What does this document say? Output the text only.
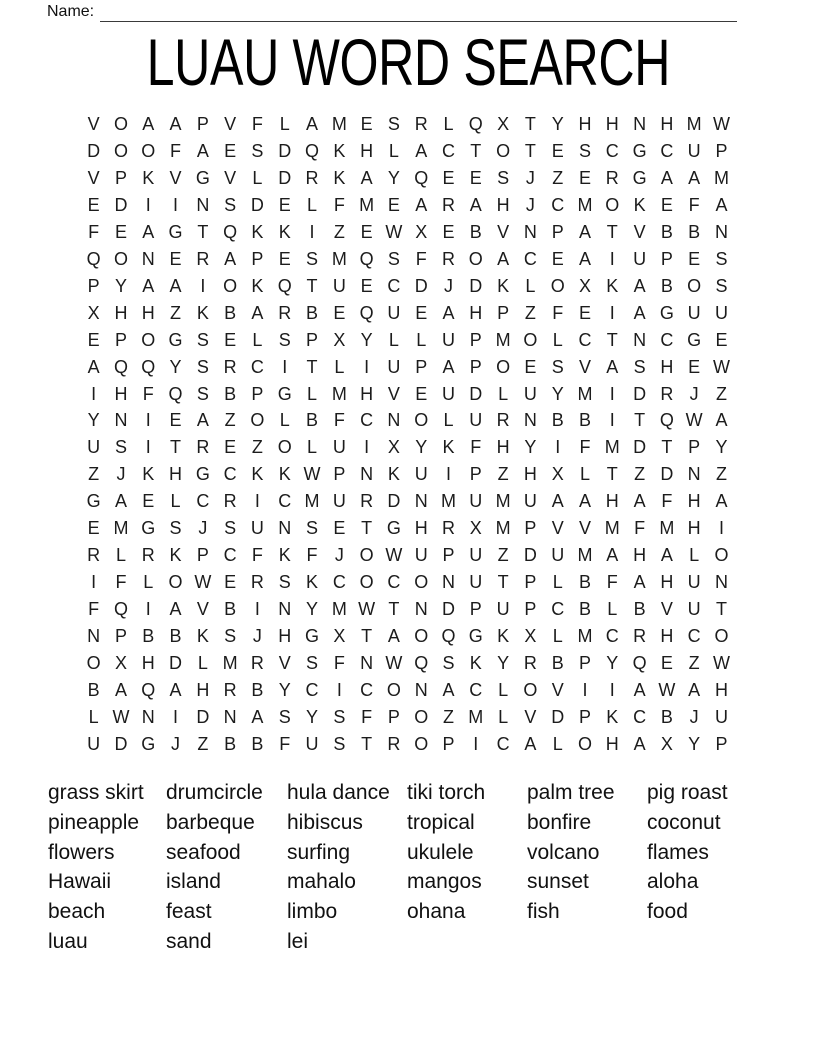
Name:
LUAU WORD SEARCH
V O A A P V F L A M E S R L Q X T Y H H N H M W
D O O F A E S D Q K H L A C T O T E S C G C U P
V P K V G V L D R K A Y Q E E S J Z E R G A A M
E D	I	I	N S D E L F M E A R A H J C M O K E F A
F E A G T Q K K	I	Z E W X E B V N P A T V B B N
Q O N E R A P E S M Q S F R O A C E A	I	U P E S
P Y A A	I O K Q T U E C D J D K L O X K A B O S
X H H Z K B A R B E Q U E A H P Z F E	I	A G U U
E P O G S E L S P X Y L L U P M O L C T N C G E
A Q Q Y S R C	I	T L	I	U P A P O E S V A S H E W
I	H F Q S B P G L M H V E U D L U Y M I	D R J Z
Y N	I	E A Z O L B F C N O L U R N B B	I	T Q W A
U S	I	T R E Z O L U	I	X Y K F H Y	I	F M D T P Y
Z J K H G C K K W P N K U	I	P Z H X L T Z D N Z
G A E L C R	I	C M U R D N M U M U A A H A F H A
E M G S J S U N S E T G H R X M P V V M F M H	I
R L R K P C F K F J O W U P U Z D U M A H A L O
I	F L O W E R S K C O C O N U T P L B F A H U N
F Q I	A V B	I	N Y M W T N D P U P C B L B V U T
N P B B K S J H G X T A O Q G K X L M C R H C O
O X H D L M R V S F N W Q S K Y R B P Y Q E Z W
B A Q A H R B Y C	I	C O N A C L O V	I	I	A W A H
L W N	I	D N A S Y S F P O Z M L V D P K C B J U
U D G J Z B B F U S T R O P	I	C A L O H A X Y P
grass skirt
pineapple
flowers
Hawaii
beach
luau
drumcircle
barbeque
seafood
island
feast
sand
hula dance
hibiscus
surfing
mahalo
limbo
lei
tiki torch
tropical
ukulele
mangos
ohana
palm tree
bonfire
volcano
sunset
fish
pig roast
coconut
flames
aloha
food
